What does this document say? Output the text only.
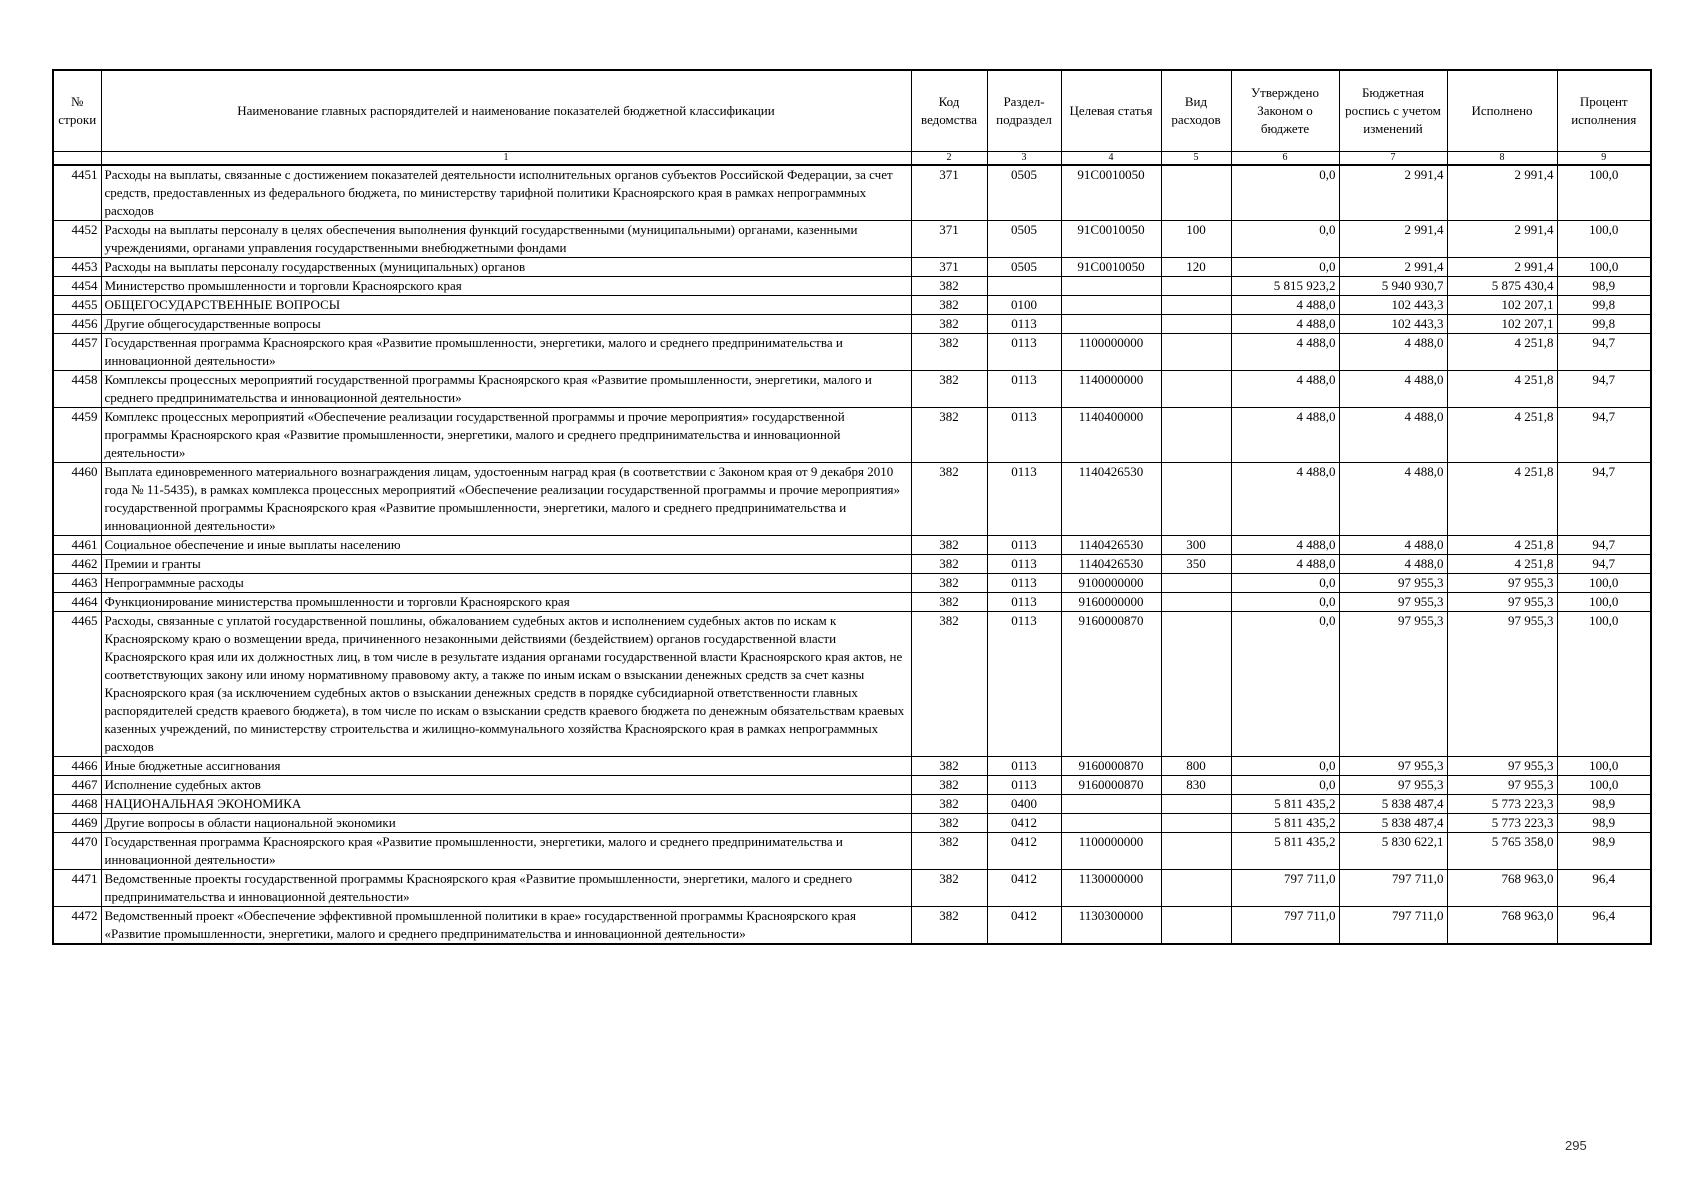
№ строки	Наименование главных распорядителей и наименование показателей бюджетной классификации	Код ведомства	Раздел-подраздел	Целевая статья	Вид расходов	Утверждено Законом о бюджете	Бюджетная роспись с учетом изменений	Исполнено	Процент исполнения
	1	2	3	4	5	6	7	8	9
4451	Расходы на выплаты, связанные с достижением показателей деятельности исполнительных органов субъектов Российской Федерации, за счет средств, предоставленных из федерального бюджета, по министерству тарифной политики Красноярского края в рамках непрограммных расходов	371	0505	91C0010050		0,0	2 991,4	2 991,4	100,0
4452	Расходы на выплаты персоналу в целях обеспечения выполнения функций государственными (муниципальными) органами, казенными учреждениями, органами управления государственными внебюджетными фондами	371	0505	91C0010050	100	0,0	2 991,4	2 991,4	100,0
4453	Расходы на выплаты персоналу государственных (муниципальных) органов	371	0505	91C0010050	120	0,0	2 991,4	2 991,4	100,0
4454	Министерство промышленности и торговли Красноярского края	382				5 815 923,2	5 940 930,7	5 875 430,4	98,9
4455	ОБЩЕГОСУДАРСТВЕННЫЕ ВОПРОСЫ	382	0100			4 488,0	102 443,3	102 207,1	99,8
4456	Другие общегосударственные вопросы	382	0113			4 488,0	102 443,3	102 207,1	99,8
4457	Государственная программа Красноярского края «Развитие промышленности, энергетики, малого и среднего предпринимательства и инновационной деятельности»	382	0113	1100000000		4 488,0	4 488,0	4 251,8	94,7
4458	Комплексы процессных мероприятий государственной программы Красноярского края «Развитие промышленности, энергетики, малого и среднего предпринимательства и инновационной деятельности»	382	0113	1140000000		4 488,0	4 488,0	4 251,8	94,7
4459	Комплекс процессных мероприятий «Обеспечение реализации государственной программы и прочие мероприятия» государственной программы Красноярского края «Развитие промышленности, энергетики, малого и среднего предпринимательства и инновационной деятельности»	382	0113	1140400000		4 488,0	4 488,0	4 251,8	94,7
4460	Выплата единовременного материального вознаграждения лицам, удостоенным наград края (в соответствии с Законом края от 9 декабря 2010 года № 11-5435), в рамках комплекса процессных мероприятий «Обеспечение реализации государственной программы и прочие мероприятия» государственной программы Красноярского края «Развитие промышленности, энергетики, малого и среднего предпринимательства и инновационной деятельности»	382	0113	1140426530		4 488,0	4 488,0	4 251,8	94,7
4461	Социальное обеспечение и иные выплаты населению	382	0113	1140426530	300	4 488,0	4 488,0	4 251,8	94,7
4462	Премии и гранты	382	0113	1140426530	350	4 488,0	4 488,0	4 251,8	94,7
4463	Непрограммные расходы	382	0113	9100000000		0,0	97 955,3	97 955,3	100,0
4464	Функционирование министерства промышленности и торговли Красноярского края	382	0113	9160000000		0,0	97 955,3	97 955,3	100,0
4465	Расходы, связанные с уплатой государственной пошлины, обжалованием судебных актов и исполнением судебных актов по искам к Красноярскому краю о возмещении вреда, причиненного незаконными действиями (бездействием) органов государственной власти Красноярского края или их должностных лиц, в том числе в результате издания органами государственной власти Красноярского края актов, не соответствующих закону или иному нормативному правовому акту, а также по иным искам о взыскании денежных средств за счет казны Красноярского края (за исключением судебных актов о взыскании денежных средств в порядке субсидиарной ответственности главных распорядителей средств краевого бюджета), в том числе по искам о взыскании средств краевого бюджета по денежным обязательствам краевых казенных учреждений, по министерству строительства и жилищно-коммунального хозяйства Красноярского края в рамках непрограммных расходов	382	0113	9160000870		0,0	97 955,3	97 955,3	100,0
4466	Иные бюджетные ассигнования	382	0113	9160000870	800	0,0	97 955,3	97 955,3	100,0
4467	Исполнение судебных актов	382	0113	9160000870	830	0,0	97 955,3	97 955,3	100,0
4468	НАЦИОНАЛЬНАЯ ЭКОНОМИКА	382	0400			5 811 435,2	5 838 487,4	5 773 223,3	98,9
4469	Другие вопросы в области национальной экономики	382	0412			5 811 435,2	5 838 487,4	5 773 223,3	98,9
4470	Государственная программа Красноярского края «Развитие промышленности, энергетики, малого и среднего предпринимательства и инновационной деятельности»	382	0412	1100000000		5 811 435,2	5 830 622,1	5 765 358,0	98,9
4471	Ведомственные проекты государственной программы Красноярского края «Развитие промышленности, энергетики, малого и среднего предпринимательства и инновационной деятельности»	382	0412	1130000000		797 711,0	797 711,0	768 963,0	96,4
4472	Ведомственный проект «Обеспечение эффективной промышленной политики в крае» государственной программы Красноярского края «Развитие промышленности, энергетики, малого и среднего предпринимательства и инновационной деятельности»	382	0412	1130300000		797 711,0	797 711,0	768 963,0	96,4
295
